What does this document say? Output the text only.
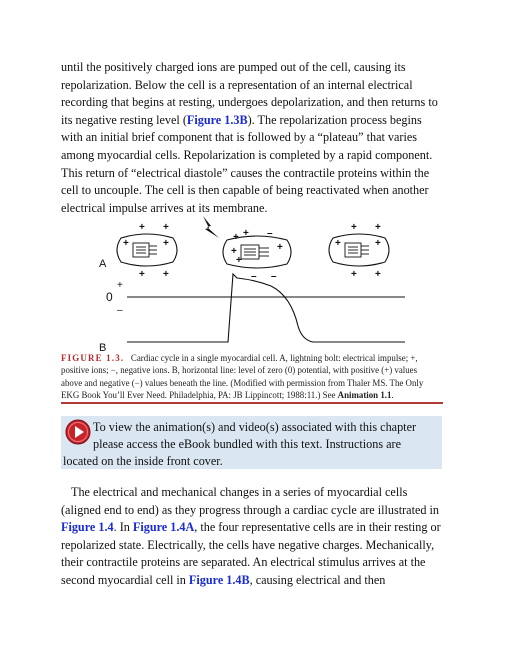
until the positively charged ions are pumped out of the cell, causing its
repolarization. Below the cell is a representation of an internal electrical
recording that begins at resting, undergoes depolarization, and then returns to
its negative resting level (Figure 1.3B). The repolarization process begins
with an initial brief component that is followed by a “plateau” that varies
among myocardial cells. Repolarization is completed by a rapid component.
This return of “electrical diastole” causes the contractile proteins within the
cell to uncouple. The cell is then capable of being reactivated when another
electrical impulse arrives at its membrane.
+ +
+	+
+ +
+ +
+
+
–
+
– –
+ +
+	+
+ +
A
+
0
–
B
FIGURE 1.3. Cardiac cycle in a single myocardial cell. A, lightning bolt: electrical impulse; +,
positive ions; −, negative ions. B, horizontal line: level of zero (0) potential, with positive (+) values
above and negative (−) values beneath the line. (Modified with permission from Thaler MS. The Only
EKG Book You’ll Ever Need. Philadelphia, PA: JB Lippincott; 1988:11.) See Animation 1.1.
To view the animation(s) and video(s) associated with this chapter
please access the eBook bundled with this text. Instructions are
located on the inside front cover.
The electrical and mechanical changes in a series of myocardial cells
(aligned end to end) as they progress through a cardiac cycle are illustrated in
Figure 1.4. In Figure 1.4A, the four representative cells are in their resting or
repolarized state. Electrically, the cells have negative charges. Mechanically,
their contractile proteins are separated. An electrical stimulus arrives at the
second myocardial cell in Figure 1.4B, causing electrical and then
